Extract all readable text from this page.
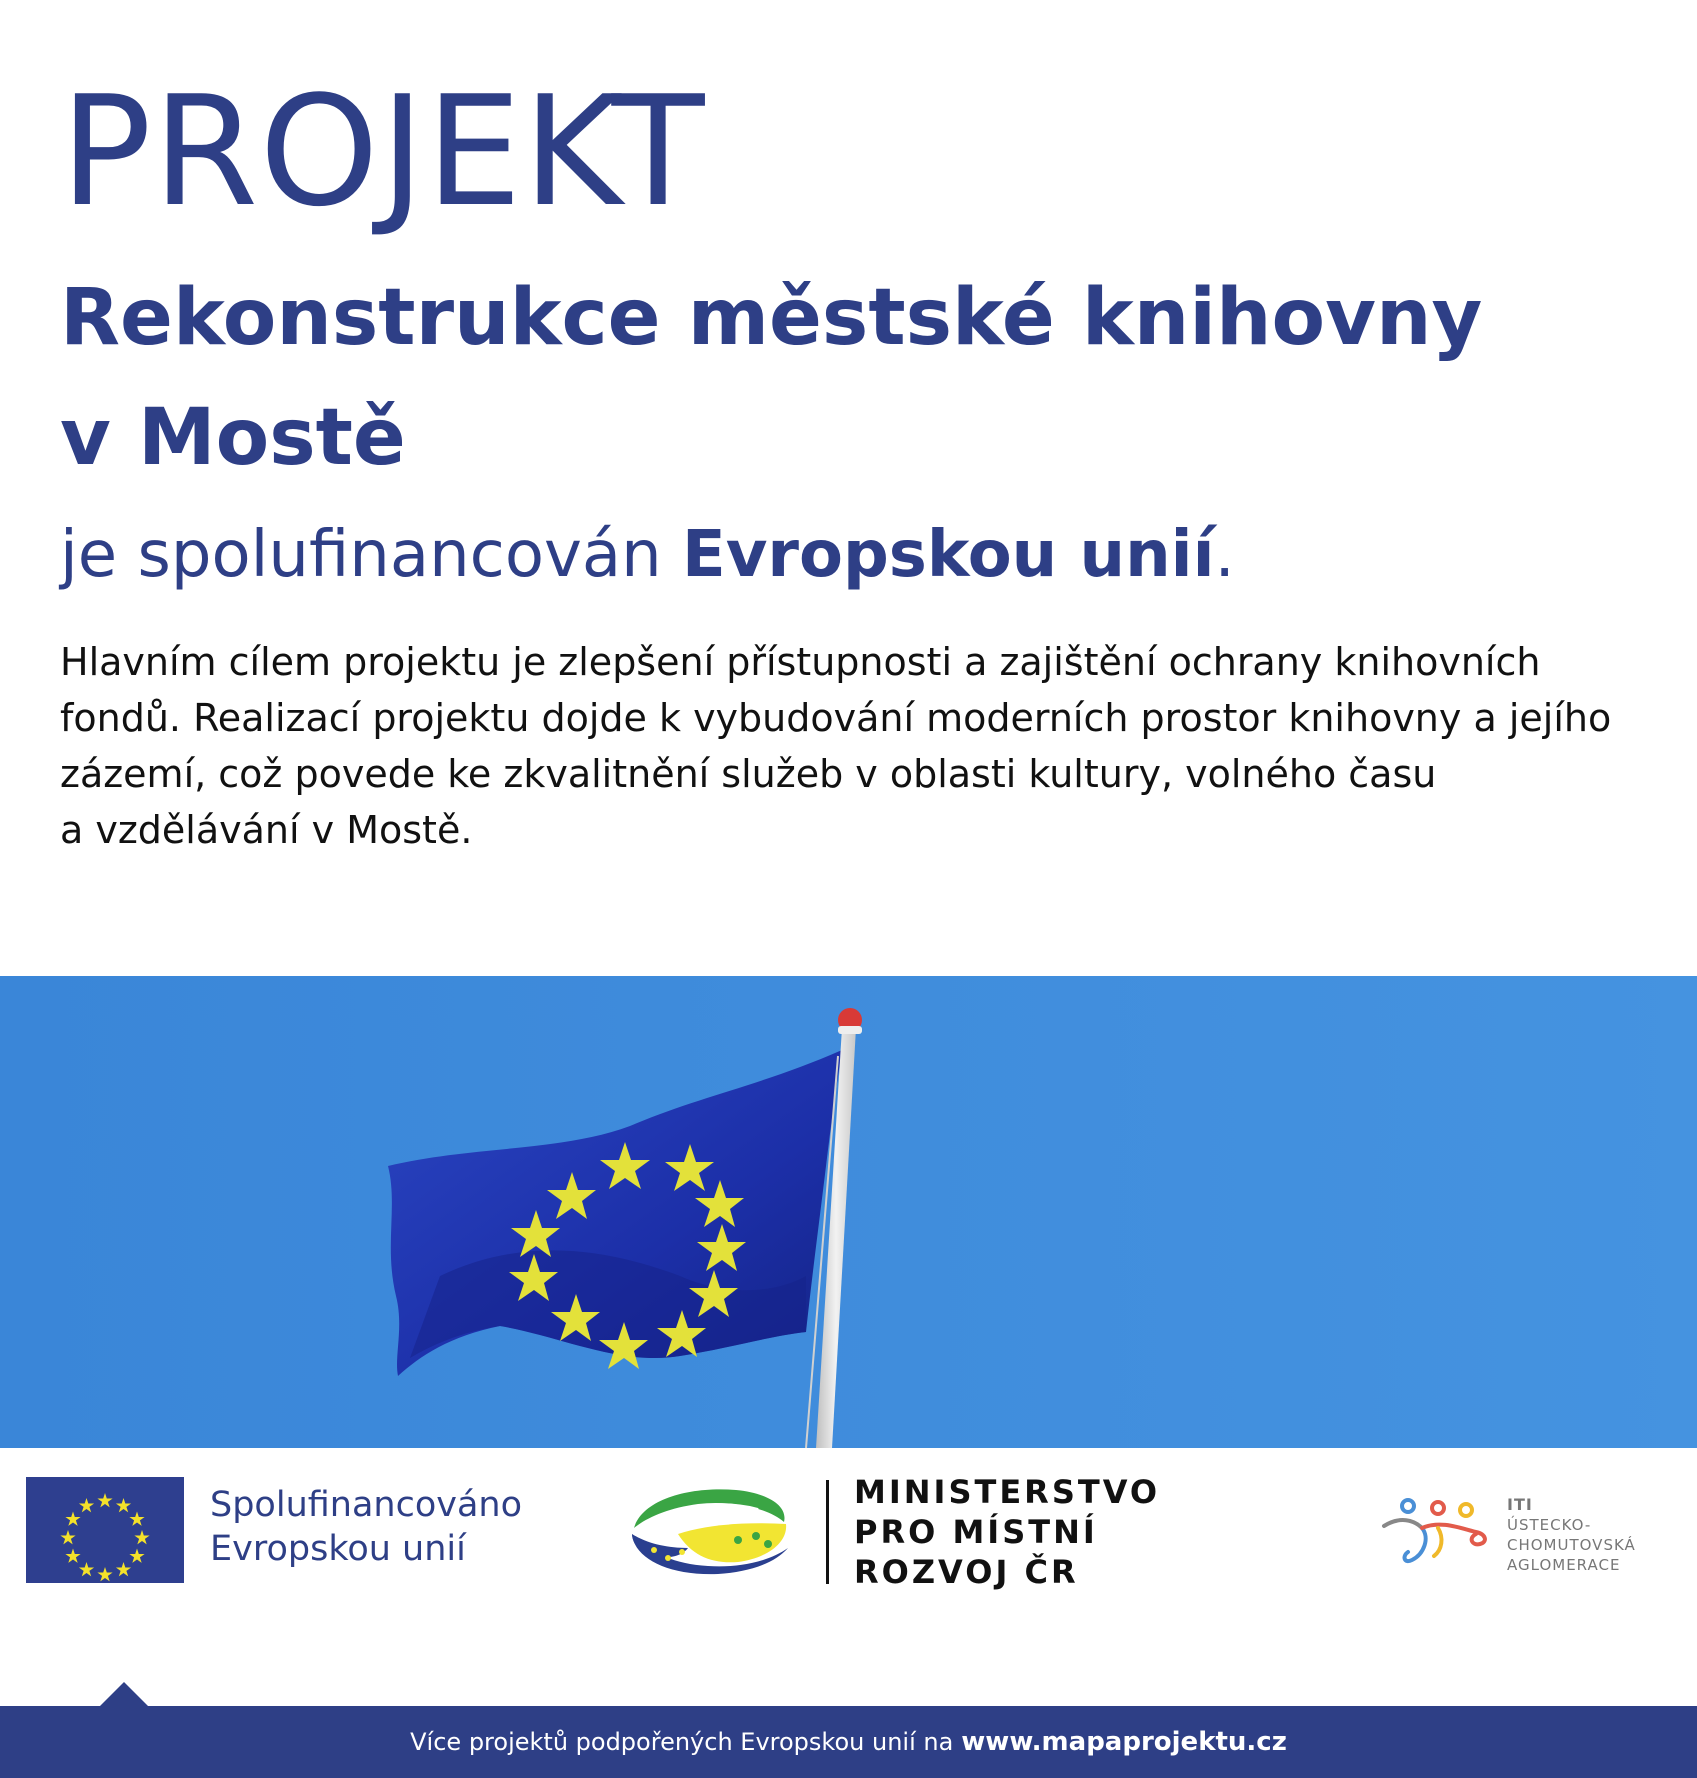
PROJEKT
Rekonstrukce městské knihovny
v Mostě
je spolufinancován Evropskou unií.

Hlavním cílem projektu je zlepšení přístupnosti a zajištění ochrany knihovních
fondů. Realizací projektu dojde k vybudování moderních prostor knihovny a jejího
zázemí, což povede ke zkvalitnění služeb v oblasti kultury, volného času
a vzdělávání v Mostě.

Spolufinancováno
Evropskou unií
MINISTERSTVO
PRO MÍSTNÍ
ROZVOJ ČR
ITI
ÚSTECKO-CHOMUTOVSKÁ
AGLOMERACE
Více projektů podpořených Evropskou unií na www.mapaprojektu.cz
